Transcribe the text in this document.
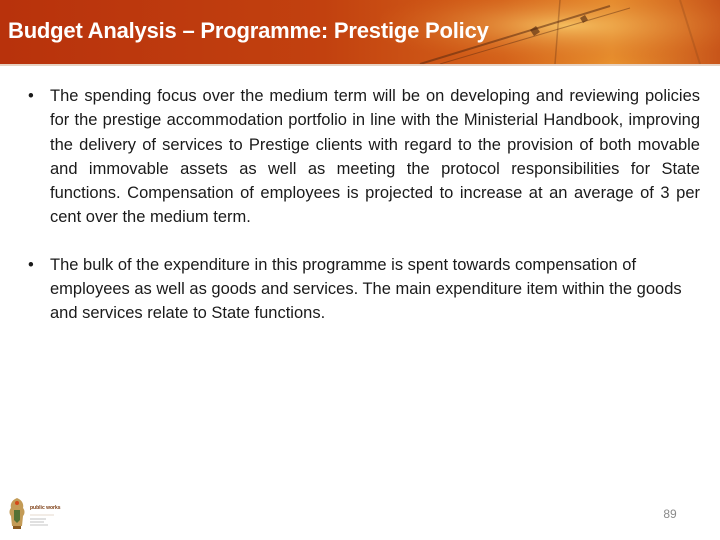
Budget Analysis – Programme: Prestige Policy
• The spending focus over the medium term will be on developing and reviewing policies for the prestige accommodation portfolio in line with the Ministerial Handbook, improving the delivery of services to Prestige clients with regard to the provision of both movable and immovable assets as well as meeting the protocol responsibilities for State functions. Compensation of employees is projected to increase at an average of 3 per cent over the medium term.
• The bulk of the expenditure in this programme is spent towards compensation of employees as well as goods and services. The main expenditure item within the goods and services relate to State functions.
public works	89
